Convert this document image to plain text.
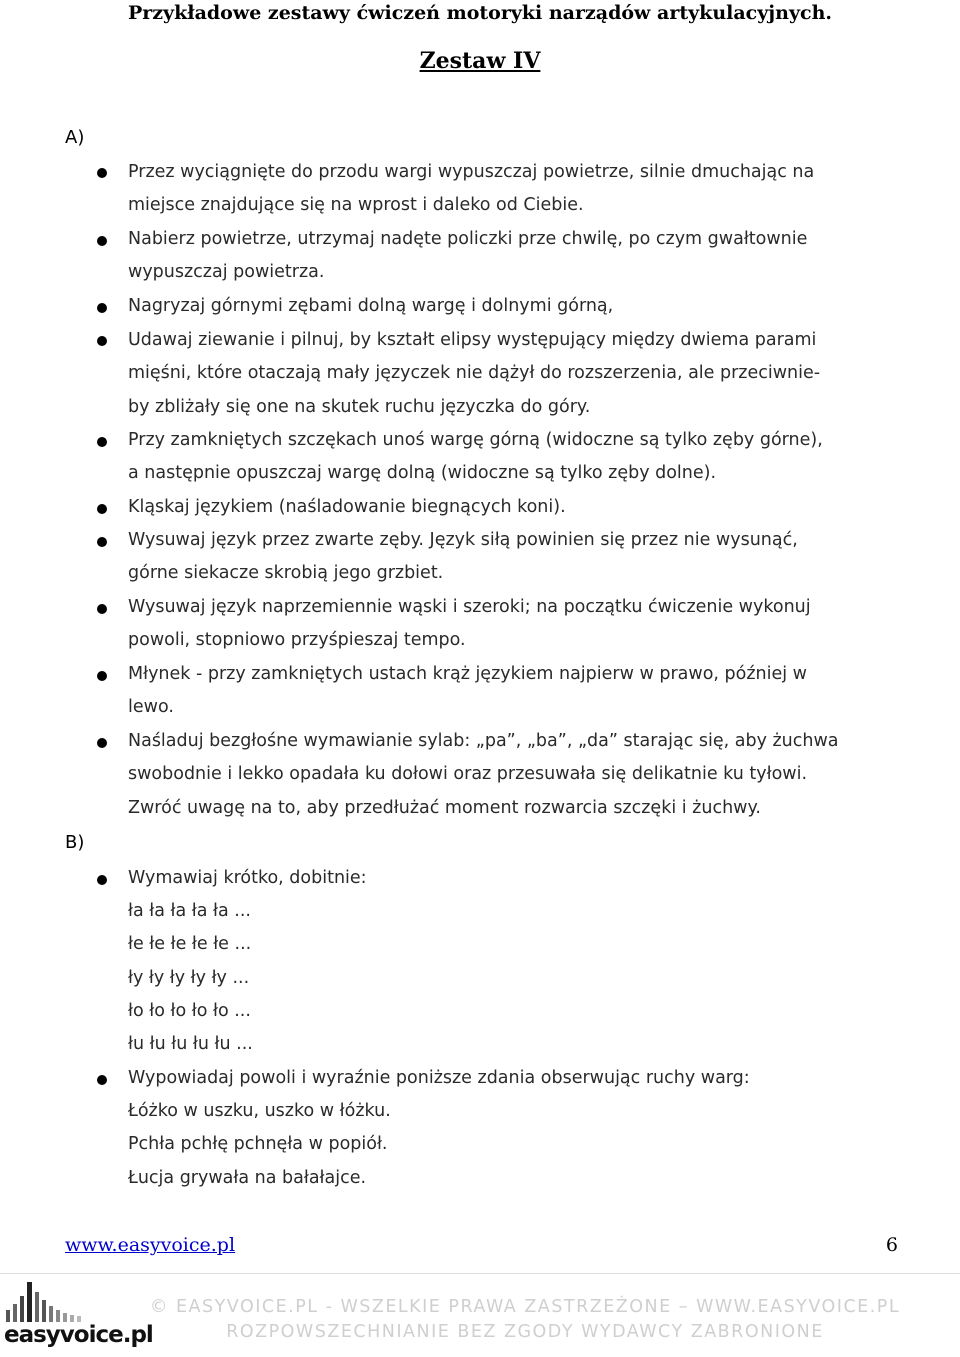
Przykładowe zestawy ćwiczeń motoryki narządów artykulacyjnych.
Zestaw IV
A)
Przez wyciągnięte do przodu wargi wypuszczaj powietrze, silnie dmuchając na
miejsce znajdujące się na wprost i daleko od Ciebie.
Nabierz powietrze, utrzymaj nadęte policzki prze chwilę, po czym gwałtownie
wypuszczaj powietrza.
Nagryzaj górnymi zębami dolną wargę i dolnymi górną,
Udawaj ziewanie i pilnuj, by kształt elipsy występujący między dwiema parami
mięśni, które otaczają mały języczek nie dążył do rozszerzenia, ale przeciwnie-
by zbliżały się one na skutek ruchu języczka do góry.
Przy zamkniętych szczękach unoś wargę górną (widoczne są tylko zęby górne),
a następnie opuszczaj wargę dolną (widoczne są tylko zęby dolne).
Kląskaj językiem (naśladowanie biegnących koni).
Wysuwaj język przez zwarte zęby. Język siłą powinien się przez nie wysunąć,
górne siekacze skrobią jego grzbiet.
Wysuwaj język naprzemiennie wąski i szeroki; na początku ćwiczenie wykonuj
powoli, stopniowo przyśpieszaj tempo.
Młynek - przy zamkniętych ustach krąż językiem najpierw w prawo, później w
lewo.
Naśladuj bezgłośne wymawianie sylab: „pa”, „ba”, „da” starając się, aby żuchwa
swobodnie i lekko opadała ku dołowi oraz przesuwała się delikatnie ku tyłowi.
Zwróć uwagę na to, aby przedłużać moment rozwarcia szczęki i żuchwy.
B)
Wymawiaj krótko, dobitnie:
ła ła ła ła ła ...
łe łe łe łe łe ...
ły ły ły ły ły ...
ło ło ło ło ło ...
łu łu łu łu łu ...
Wypowiadaj powoli i wyraźnie poniższe zdania obserwując ruchy warg:
Łóżko w uszku, uszko w łóżku.
Pchła pchłę pchnęła w popiół.
Łucja grywała na bałałajce.
www.easyvoice.pl	6
easyvoice.pl
© EASYVOICE.PL - WSZELKIE PRAWA ZASTRZEŻONE – WWW.EASYVOICE.PL
ROZPOWSZECHNIANIE BEZ ZGODY WYDAWCY ZABRONIONE
